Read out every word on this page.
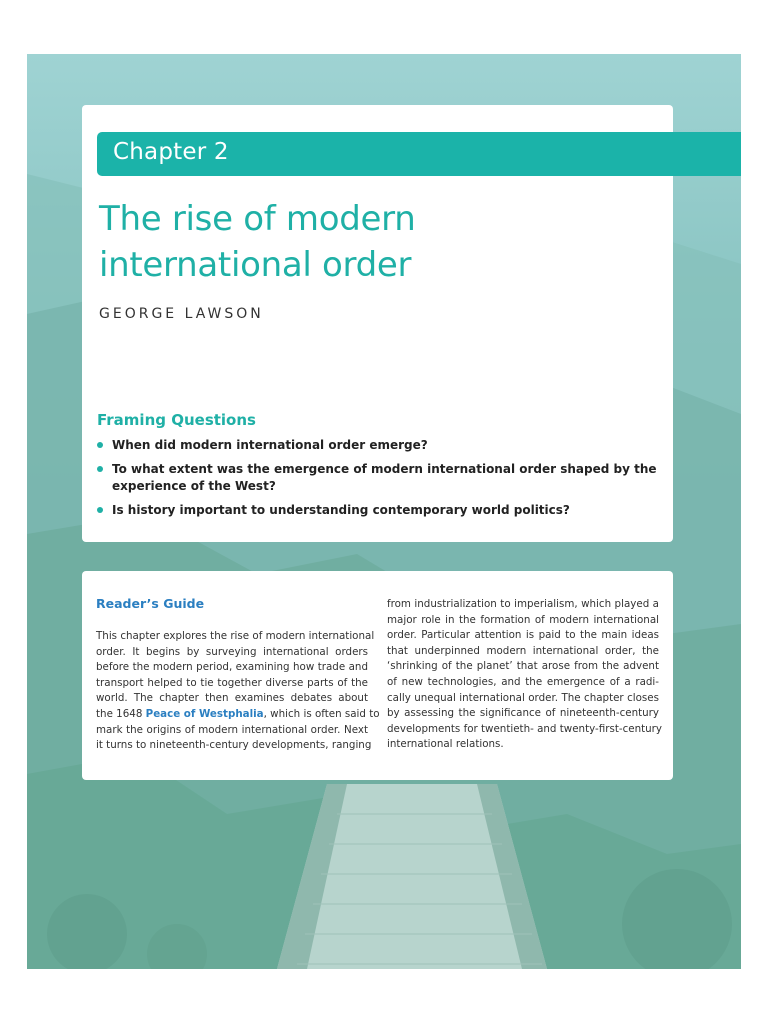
Chapter 2
The rise of modern
international order
GEORGE LAWSON
Framing Questions
When did modern international order emerge?
To what extent was the emergence of modern international order shaped by the
experience of the West?
Is history important to understanding contemporary world politics?
Reader’s Guide
This chapter explores the rise of modern international
order. It begins by surveying international orders
before the modern period, examining how trade and
transport helped to tie together diverse parts of the
world. The chapter then examines debates about
the 1648 Peace of Westphalia, which is often said to
mark the origins of modern international order. Next
it turns to nineteenth-century developments, ranging
from industrialization to imperialism, which played a
major role in the formation of modern international
order. Particular attention is paid to the main ideas
that underpinned modern international order, the
‘shrinking of the planet’ that arose from the advent
of new technologies, and the emergence of a radi-
cally unequal international order. The chapter closes
by assessing the significance of nineteenth-century
developments for twentieth- and twenty-first-century
international relations.
